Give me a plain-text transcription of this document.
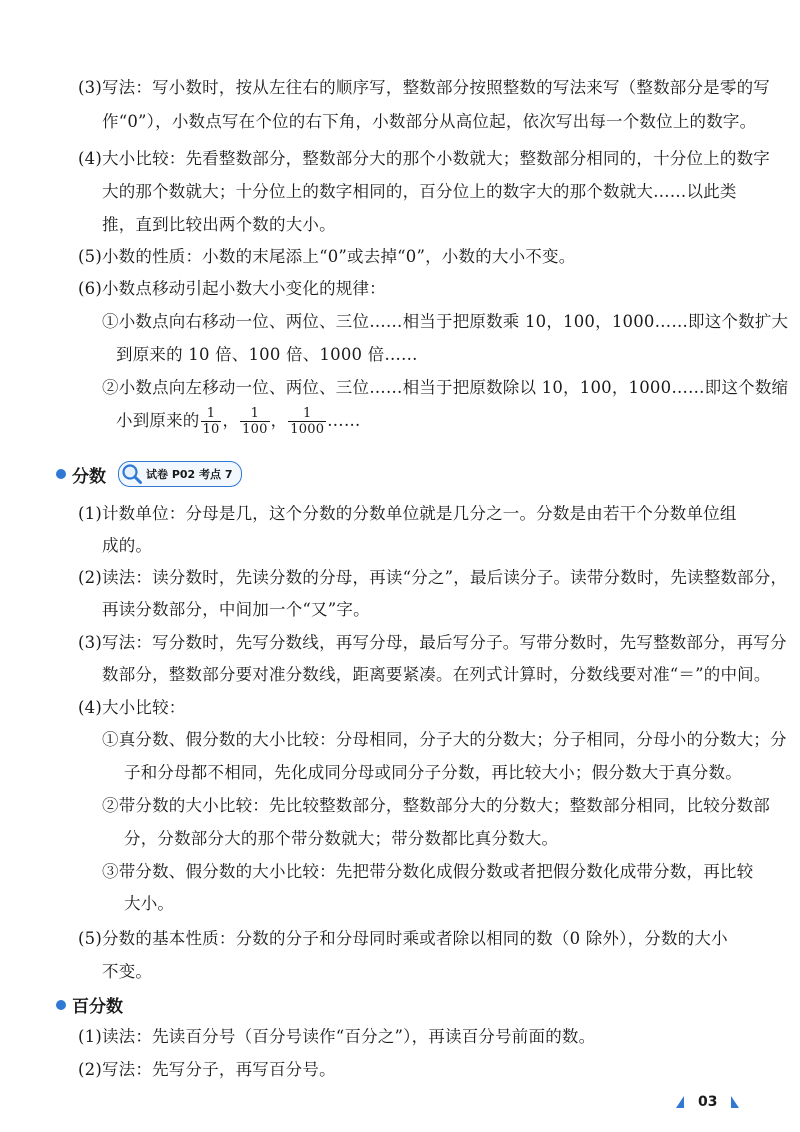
(3)写法：写小数时，按从左往右的顺序写，整数部分按照整数的写法来写（整数部分是零的写
作“0”），小数点写在个位的右下角，小数部分从高位起，依次写出每一个数位上的数字。
(4)大小比较：先看整数部分，整数部分大的那个小数就大；整数部分相同的，十分位上的数字
大的那个数就大；十分位上的数字相同的，百分位上的数字大的那个数就大……以此类
推，直到比较出两个数的大小。
(5)小数的性质：小数的末尾添上“0”或去掉“0”，小数的大小不变。
(6)小数点移动引起小数大小变化的规律：
①小数点向右移动一位、两位、三位……相当于把原数乘 10，100，1000……即这个数扩大
到原来的 10 倍、100 倍、1000 倍……
②小数点向左移动一位、两位、三位……相当于把原数除以 10，100，1000……即这个数缩
小到原来的 $\frac{1}{10}$ ， $\frac{1}{100}$ ， $\frac{1}{1000}$ ……
分数	试卷 P02 考点 7
(1)计数单位：分母是几，这个分数的分数单位就是几分之一。分数是由若干个分数单位组
成的。
(2)读法：读分数时，先读分数的分母，再读“分之”，最后读分子。读带分数时，先读整数部分，
再读分数部分，中间加一个“又”字。
(3)写法：写分数时，先写分数线，再写分母，最后写分子。写带分数时，先写整数部分，再写分
数部分，整数部分要对准分数线，距离要紧凑。在列式计算时，分数线要对准“＝”的中间。
(4)大小比较：
①真分数、假分数的大小比较：分母相同，分子大的分数大；分子相同，分母小的分数大；分
子和分母都不相同，先化成同分母或同分子分数，再比较大小；假分数大于真分数。
②带分数的大小比较：先比较整数部分，整数部分大的分数大；整数部分相同，比较分数部
分，分数部分大的那个带分数就大；带分数都比真分数大。
③带分数、假分数的大小比较：先把带分数化成假分数或者把假分数化成带分数，再比较
大小。
(5)分数的基本性质：分数的分子和分母同时乘或者除以相同的数（0 除外），分数的大小
不变。
百分数
(1)读法：先读百分号（百分号读作“百分之”），再读百分号前面的数。
(2)写法：先写分子，再写百分号。
03
